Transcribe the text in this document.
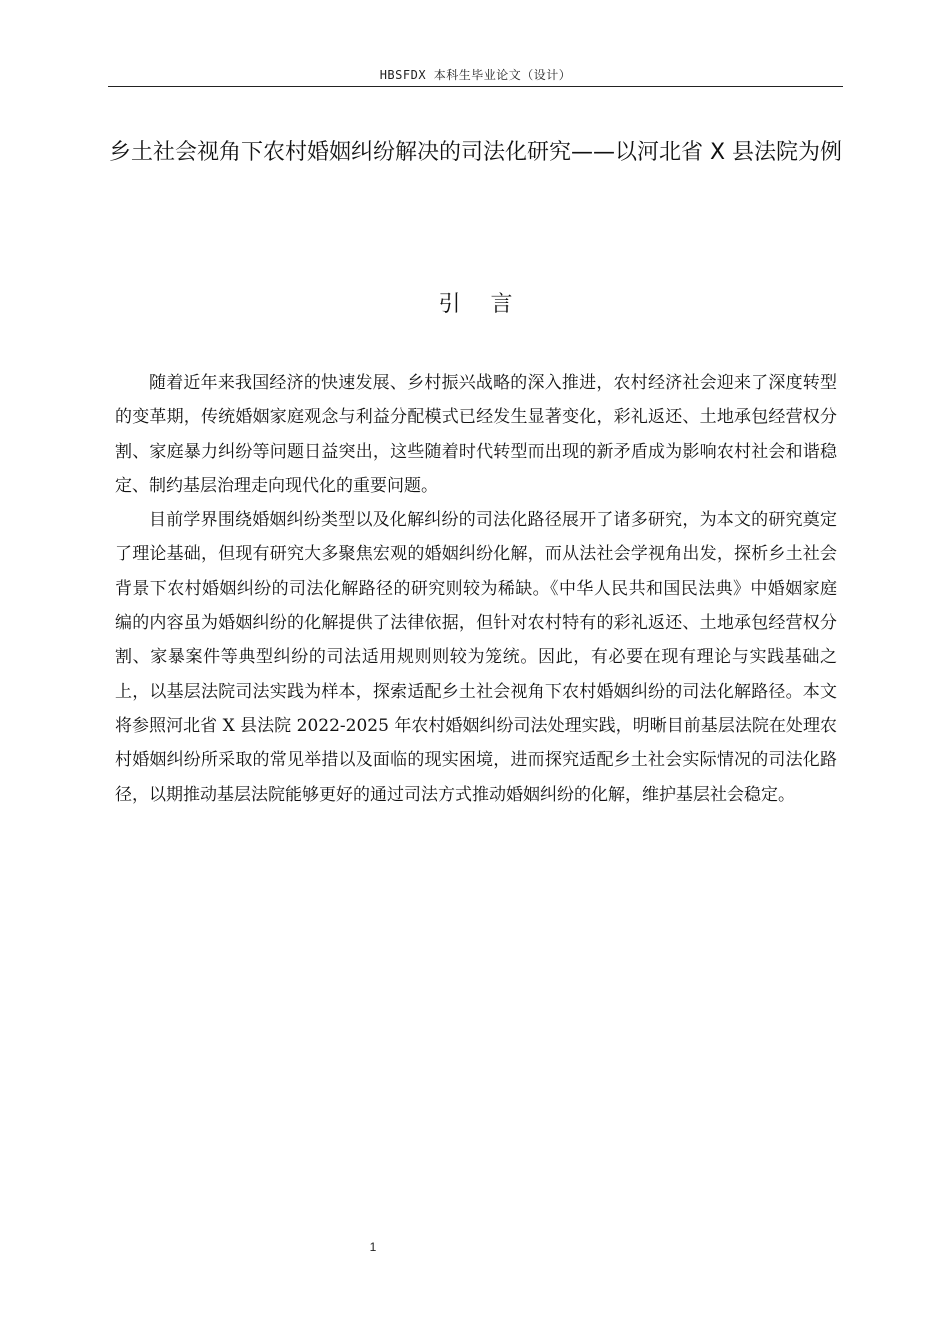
HBSFDX 本科生毕业论文（设计）
乡土社会视角下农村婚姻纠纷解决的司法化研究——以河北省 X 县法院为例
引言

随着近年来我国经济的快速发展、乡村振兴战略的深入推进，农村经济社会迎来了深度转型的变革期，传统婚姻家庭观念与利益分配模式已经发生显著变化，彩礼返还、土地承包经营权分割、家庭暴力纠纷等问题日益突出，这些随着时代转型而出现的新矛盾成为影响农村社会和谐稳定、制约基层治理走向现代化的重要问题。

目前学界围绕婚姻纠纷类型以及化解纠纷的司法化路径展开了诸多研究，为本文的研究奠定了理论基础，但现有研究大多聚焦宏观的婚姻纠纷化解，而从法社会学视角出发，探析乡土社会背景下农村婚姻纠纷的司法化解路径的研究则较为稀缺。《中华人民共和国民法典》中婚姻家庭编的内容虽为婚姻纠纷的化解提供了法律依据，但针对农村特有的彩礼返还、土地承包经营权分割、家暴案件等典型纠纷的司法适用规则则较为笼统。因此，有必要在现有理论与实践基础之上，以基层法院司法实践为样本，探索适配乡土社会视角下农村婚姻纠纷的司法化解路径。本文将参照河北省 X 县法院 2022-2025 年农村婚姻纠纷司法处理实践，明晰目前基层法院在处理农村婚姻纠纷所采取的常见举措以及面临的现实困境，进而探究适配乡土社会实际情况的司法化路径，以期推动基层法院能够更好的通过司法方式推动婚姻纠纷的化解，维护基层社会稳定。

1
